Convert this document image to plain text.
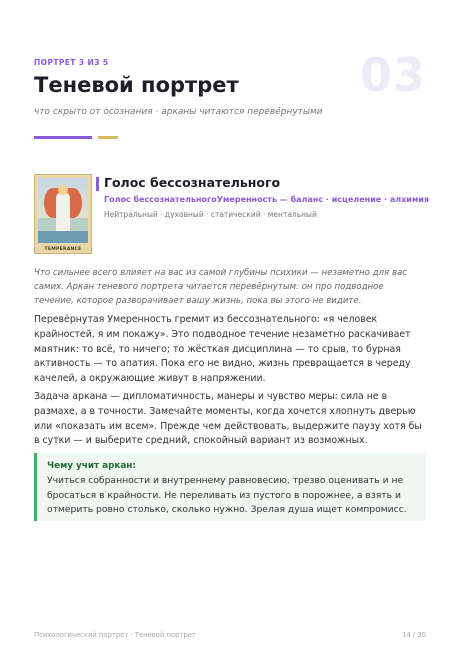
ПОРТРЕТ 3 ИЗ 5	03
Теневой портрет
что скрыто от осознания · арканы читаются перевёрнутыми
TEMPERANCE
Голос бессознательного
Голос бессознательногоУмеренность — баланс · исцеление · алхимия
Нейтральный · духовный · статический · ментальный

Что сильнее всего влияет на вас из самой глубины психики — незаметно для вас самих. Аркан теневого портрета читается перевёрнутым: он про подводное течение, которое разворачивает вашу жизнь, пока вы этого не видите.

Перевёрнутая Умеренность гремит из бессознательного: «я человек крайностей, я им покажу». Это подводное течение незаметно раскачивает маятник: то всё, то ничего; то жёсткая дисциплина — то срыв, то бурная активность — то апатия. Пока его не видно, жизнь превращается в череду качелей, а окружающие живут в напряжении.

Задача аркана — дипломатичность, манеры и чувство меры: сила не в размахе, а в точности. Замечайте моменты, когда хочется хлопнуть дверью или «показать им всем». Прежде чем действовать, выдержите паузу хотя бы в сутки — и выберите средний, спокойный вариант из возможных.

Чему учит аркан:
Учиться собранности и внутреннему равновесию, трезво оценивать и не бросаться в крайности. Не переливать из пустого в порожнее, а взять и отмерить ровно столько, сколько нужно. Зрелая душа ищет компромисс.
Психологический портрет · Теневой портрет	14 / 30
